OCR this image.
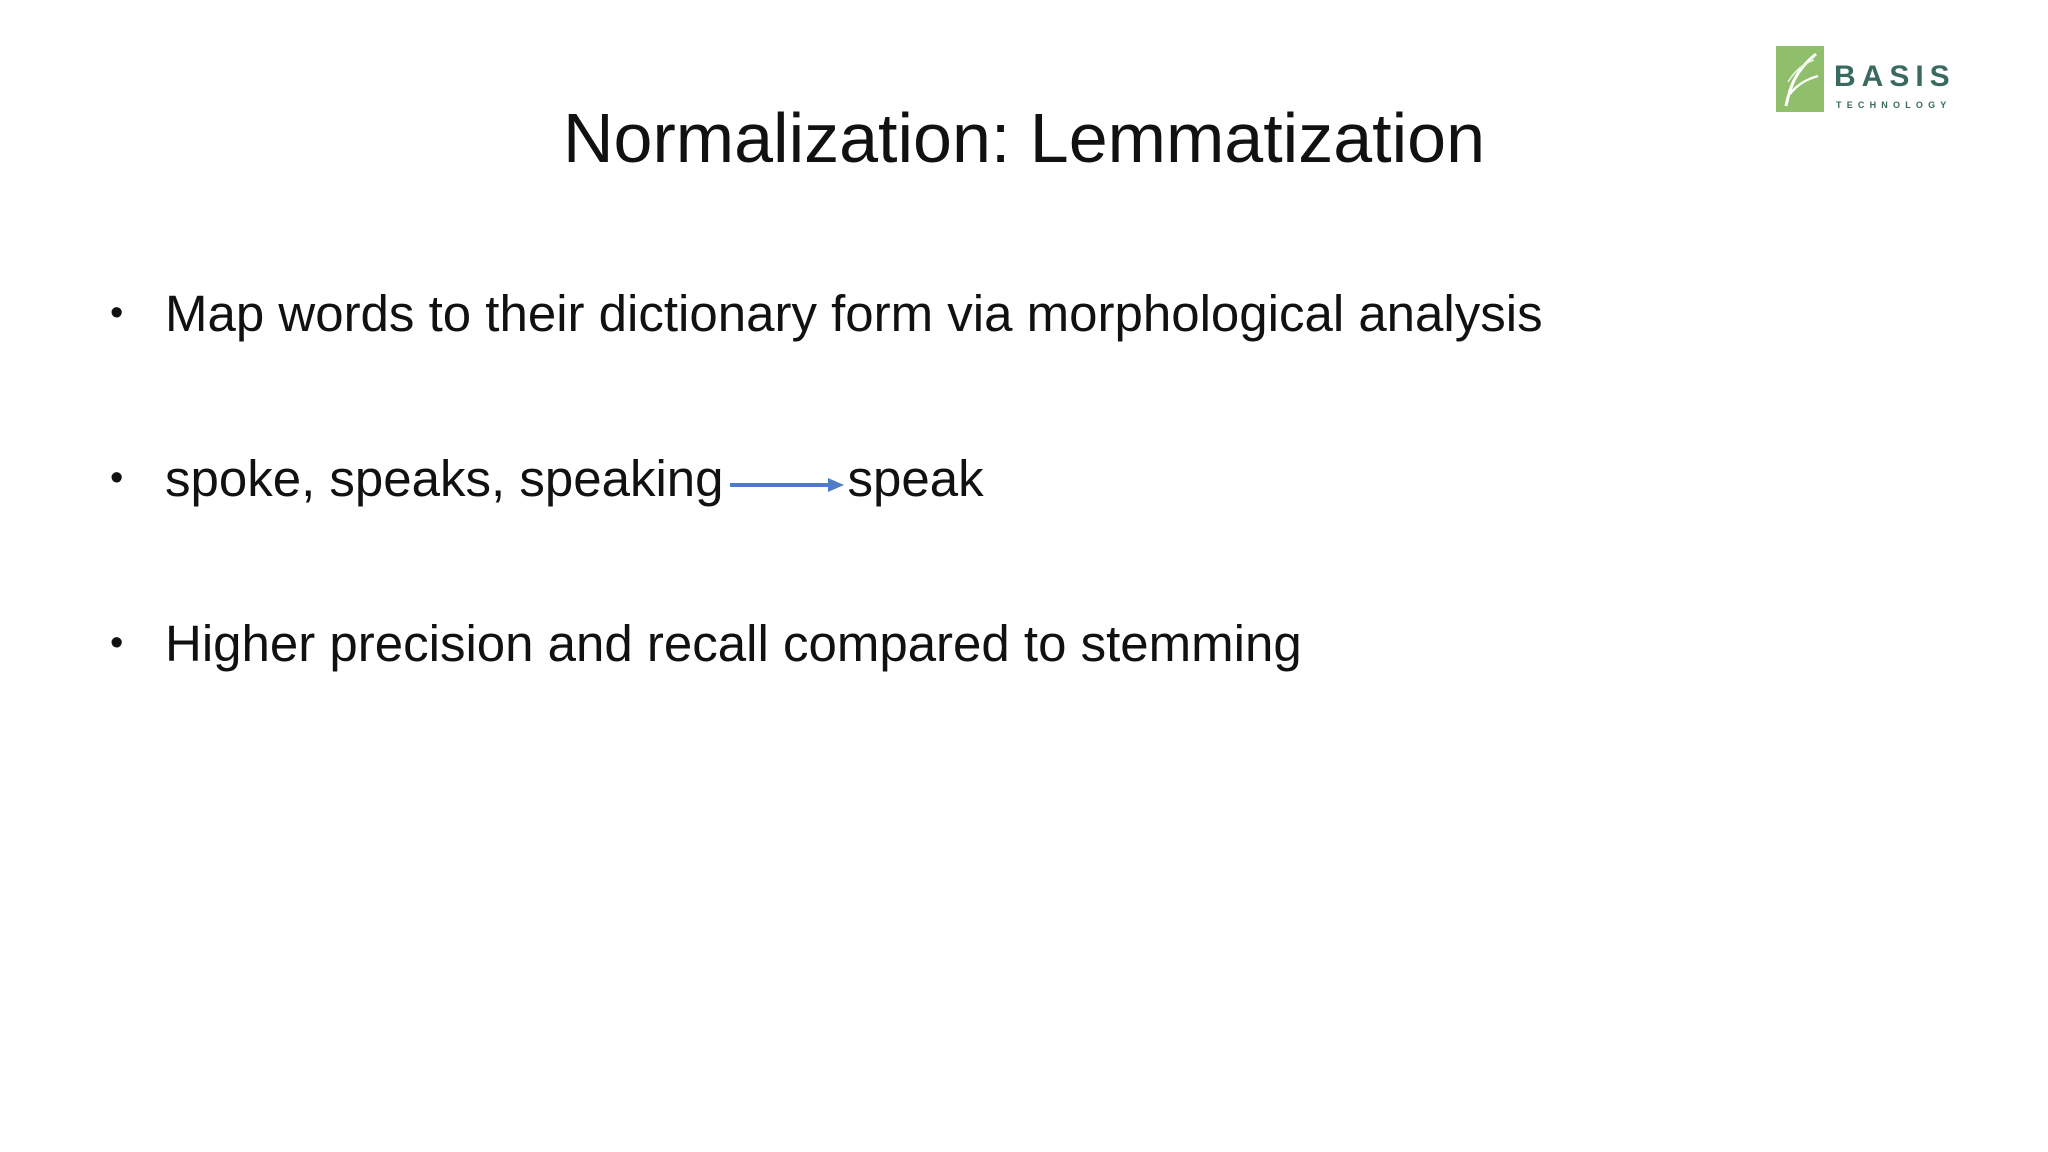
BASIS
TECHNOLOGY
Normalization: Lemmatization
• Map words to their dictionary form via morphological analysis
• spoke, speaks, speaking speak
• Higher precision and recall compared to stemming
